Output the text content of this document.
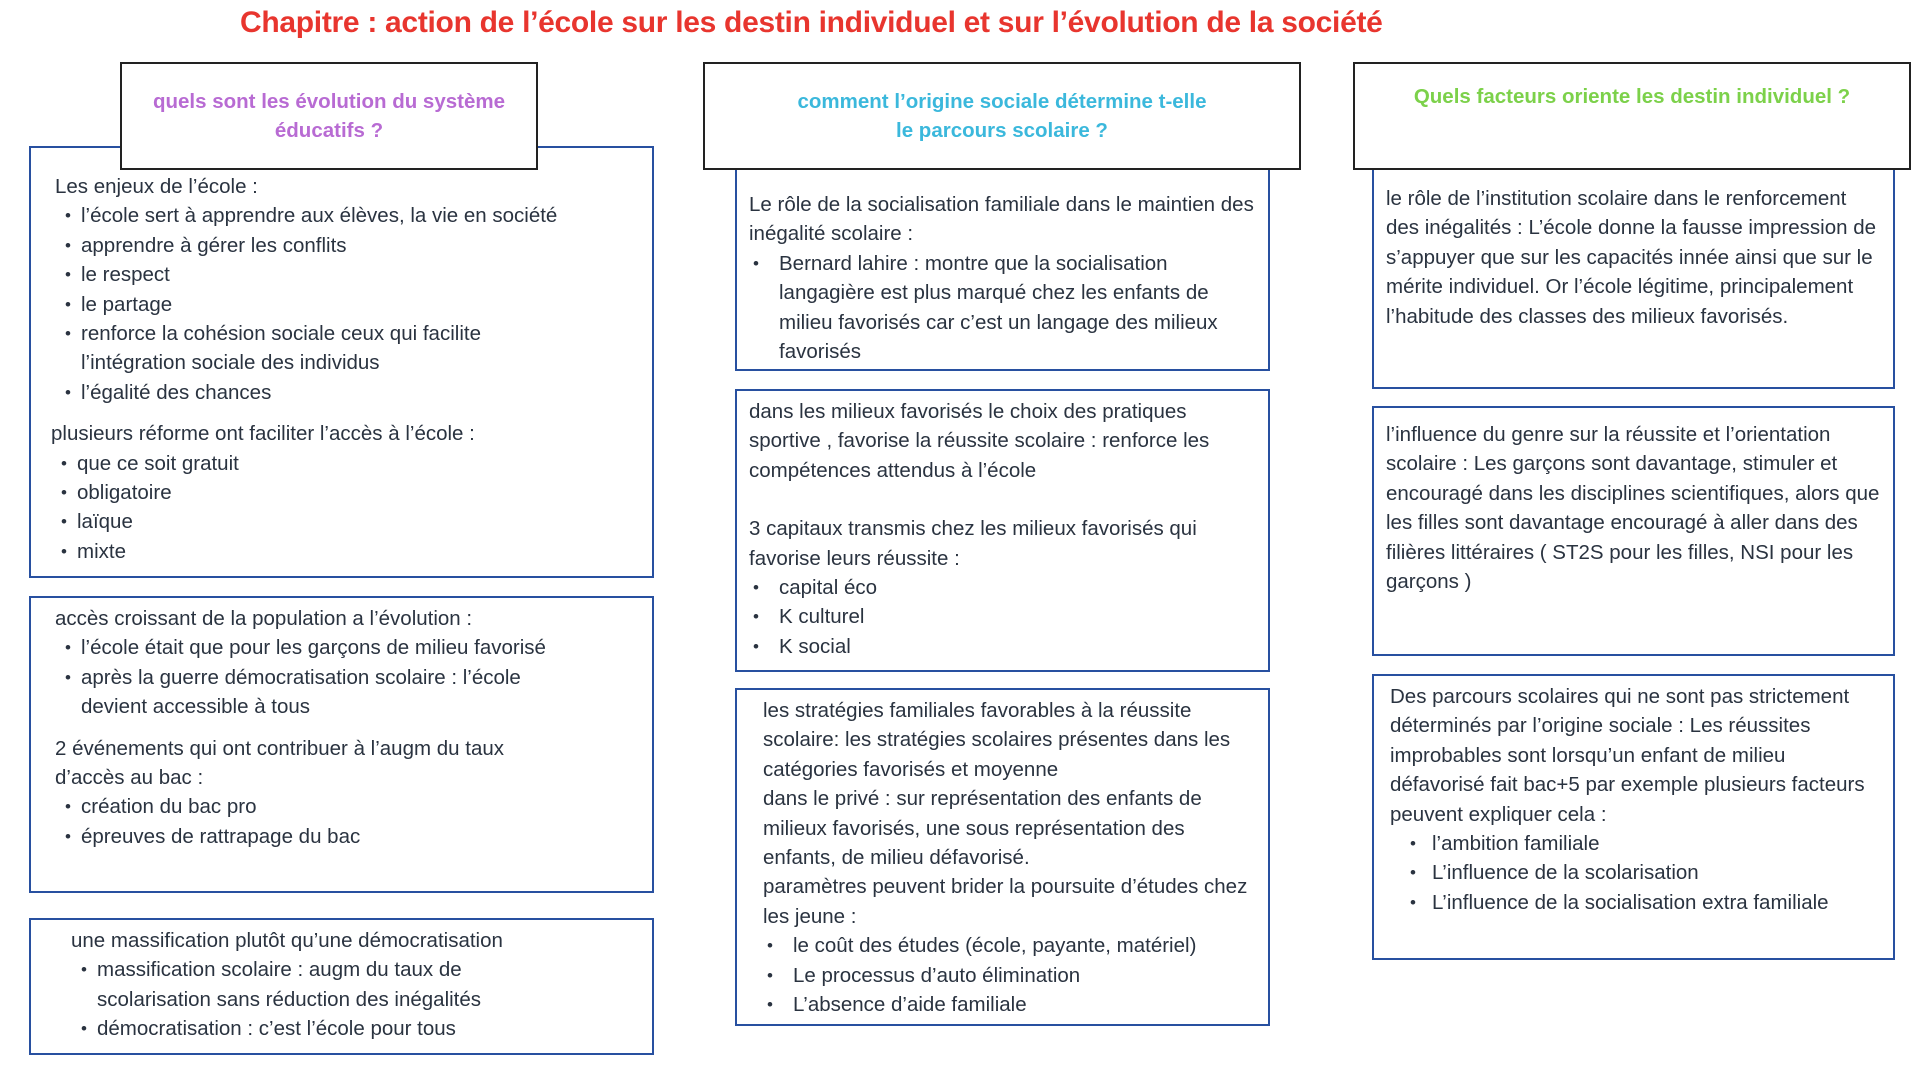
Chapitre : action de l’école sur les destin individuel et sur l’évolution de la société

Les enjeux de l’école :

• l’école sert à apprendre aux élèves, la vie en société
• apprendre à gérer les conflits
• le respect
• le partage
• renforce la cohésion sociale ceux qui facilite l’intégration sociale des individus
• l’égalité des chances

plusieurs réforme ont faciliter l’accès à l’école :

• que ce soit gratuit
• obligatoire
• laïque
• mixte
quels sont les évolution du système
éducatifs ?

accès croissant de la population a l’évolution :

• l’école était que pour les garçons de milieu favorisé
• après la guerre démocratisation scolaire : l’école devient accessible à tous

2 événements qui ont contribuer à l’augm du taux d’accès au bac :

• création du bac pro
• épreuves de rattrapage du bac

une massification plutôt qu’une démocratisation

• massification scolaire : augm du taux de scolarisation sans réduction des inégalités
• démocratisation : c’est l’école pour tous
comment l’origine sociale détermine t-elle
le parcours scolaire ?

Le rôle de la socialisation familiale dans le maintien des inégalité scolaire :

• Bernard lahire : montre que la socialisation langagière est plus marqué chez les enfants de milieu favorisés car c’est un langage des milieux favorisés

dans les milieux favorisés le choix des pratiques sportive , favorise la réussite scolaire : renforce les compétences attendus à l’école

3 capitaux transmis chez les milieux favorisés qui favorise leurs réussite :

• capital éco
• K culturel
• K social

les stratégies familiales favorables à la réussite scolaire: les stratégies scolaires présentes dans les catégories favorisés et moyenne

dans le privé : sur représentation des enfants de milieux favorisés, une sous représentation des enfants, de milieu défavorisé.

paramètres peuvent brider la poursuite d’études chez les jeune :

• le coût des études (école, payante, matériel)
• Le processus d’auto élimination
• L’absence d’aide familiale
Quels facteurs oriente les destin individuel ?

le rôle de l’institution scolaire dans le renforcement des inégalités : L’école donne la fausse impression de s’appuyer que sur les capacités innée ainsi que sur le mérite individuel. Or l’école légitime, principalement l’habitude des classes des milieux favorisés.

l’influence du genre sur la réussite et l’orientation scolaire : Les garçons sont davantage, stimuler et encouragé dans les disciplines scientifiques, alors que les filles sont davantage encouragé à aller dans des filières littéraires ( ST2S pour les filles, NSI pour les garçons )

Des parcours scolaires qui ne sont pas strictement déterminés par l’origine sociale : Les réussites improbables sont lorsqu’un enfant de milieu défavorisé fait bac+5 par exemple plusieurs facteurs peuvent expliquer cela :

• l’ambition familiale
• L’influence de la scolarisation
• L’influence de la socialisation extra familiale
